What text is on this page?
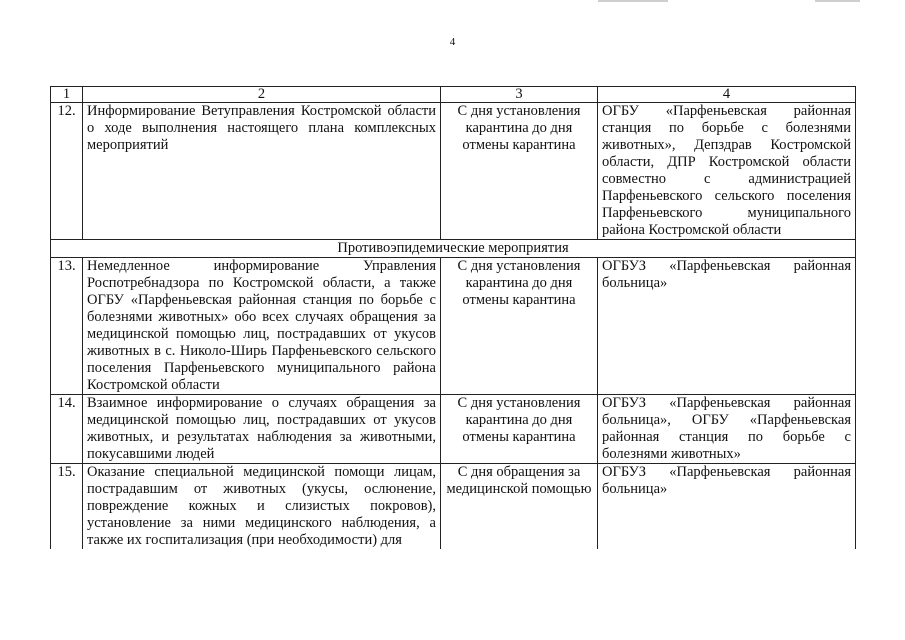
4
1	2	3	4
12.	Информирование Ветуправления Костромской области о ходе выполнения настоящего плана комплексных мероприятий	С дня установления карантина до дня отмены карантина	ОГБУ «Парфеньевская районная станция по борьбе с болезнями животных», Депздрав Костромской области, ДПР Костромской области совместно с администрацией Парфеньевского сельского поселения Парфеньевского муниципального района Костромской области
Противоэпидемические мероприятия			
13.	Немедленное информирование Управления Роспотребнадзора по Костромской области, а также ОГБУ «Парфеньевская районная станция по борьбе с болезнями животных» обо всех случаях обращения за медицинской помощью лиц, пострадавших от укусов животных в с. Николо-Ширь Парфеньевского сельского поселения Парфеньевского муниципального района Костромской области	С дня установления карантина до дня отмены карантина	ОГБУЗ «Парфеньевская районная больница»
14.	Взаимное информирование о случаях обращения за медицинской помощью лиц, пострадавших от укусов животных, и результатах наблюдения за животными, покусавшими людей	С дня установления карантина до дня отмены карантина	ОГБУЗ «Парфеньевская районная больница», ОГБУ «Парфеньевская районная станция по борьбе с болезнями животных»
15.	Оказание специальной медицинской помощи лицам, пострадавшим от животных (укусы, ослюнение, повреждение кожных и слизистых покровов), установление за ними медицинского наблюдения, а также их госпитализация (при необходимости) для	С дня обращения за медицинской помощью	ОГБУЗ «Парфеньевская районная больница»
